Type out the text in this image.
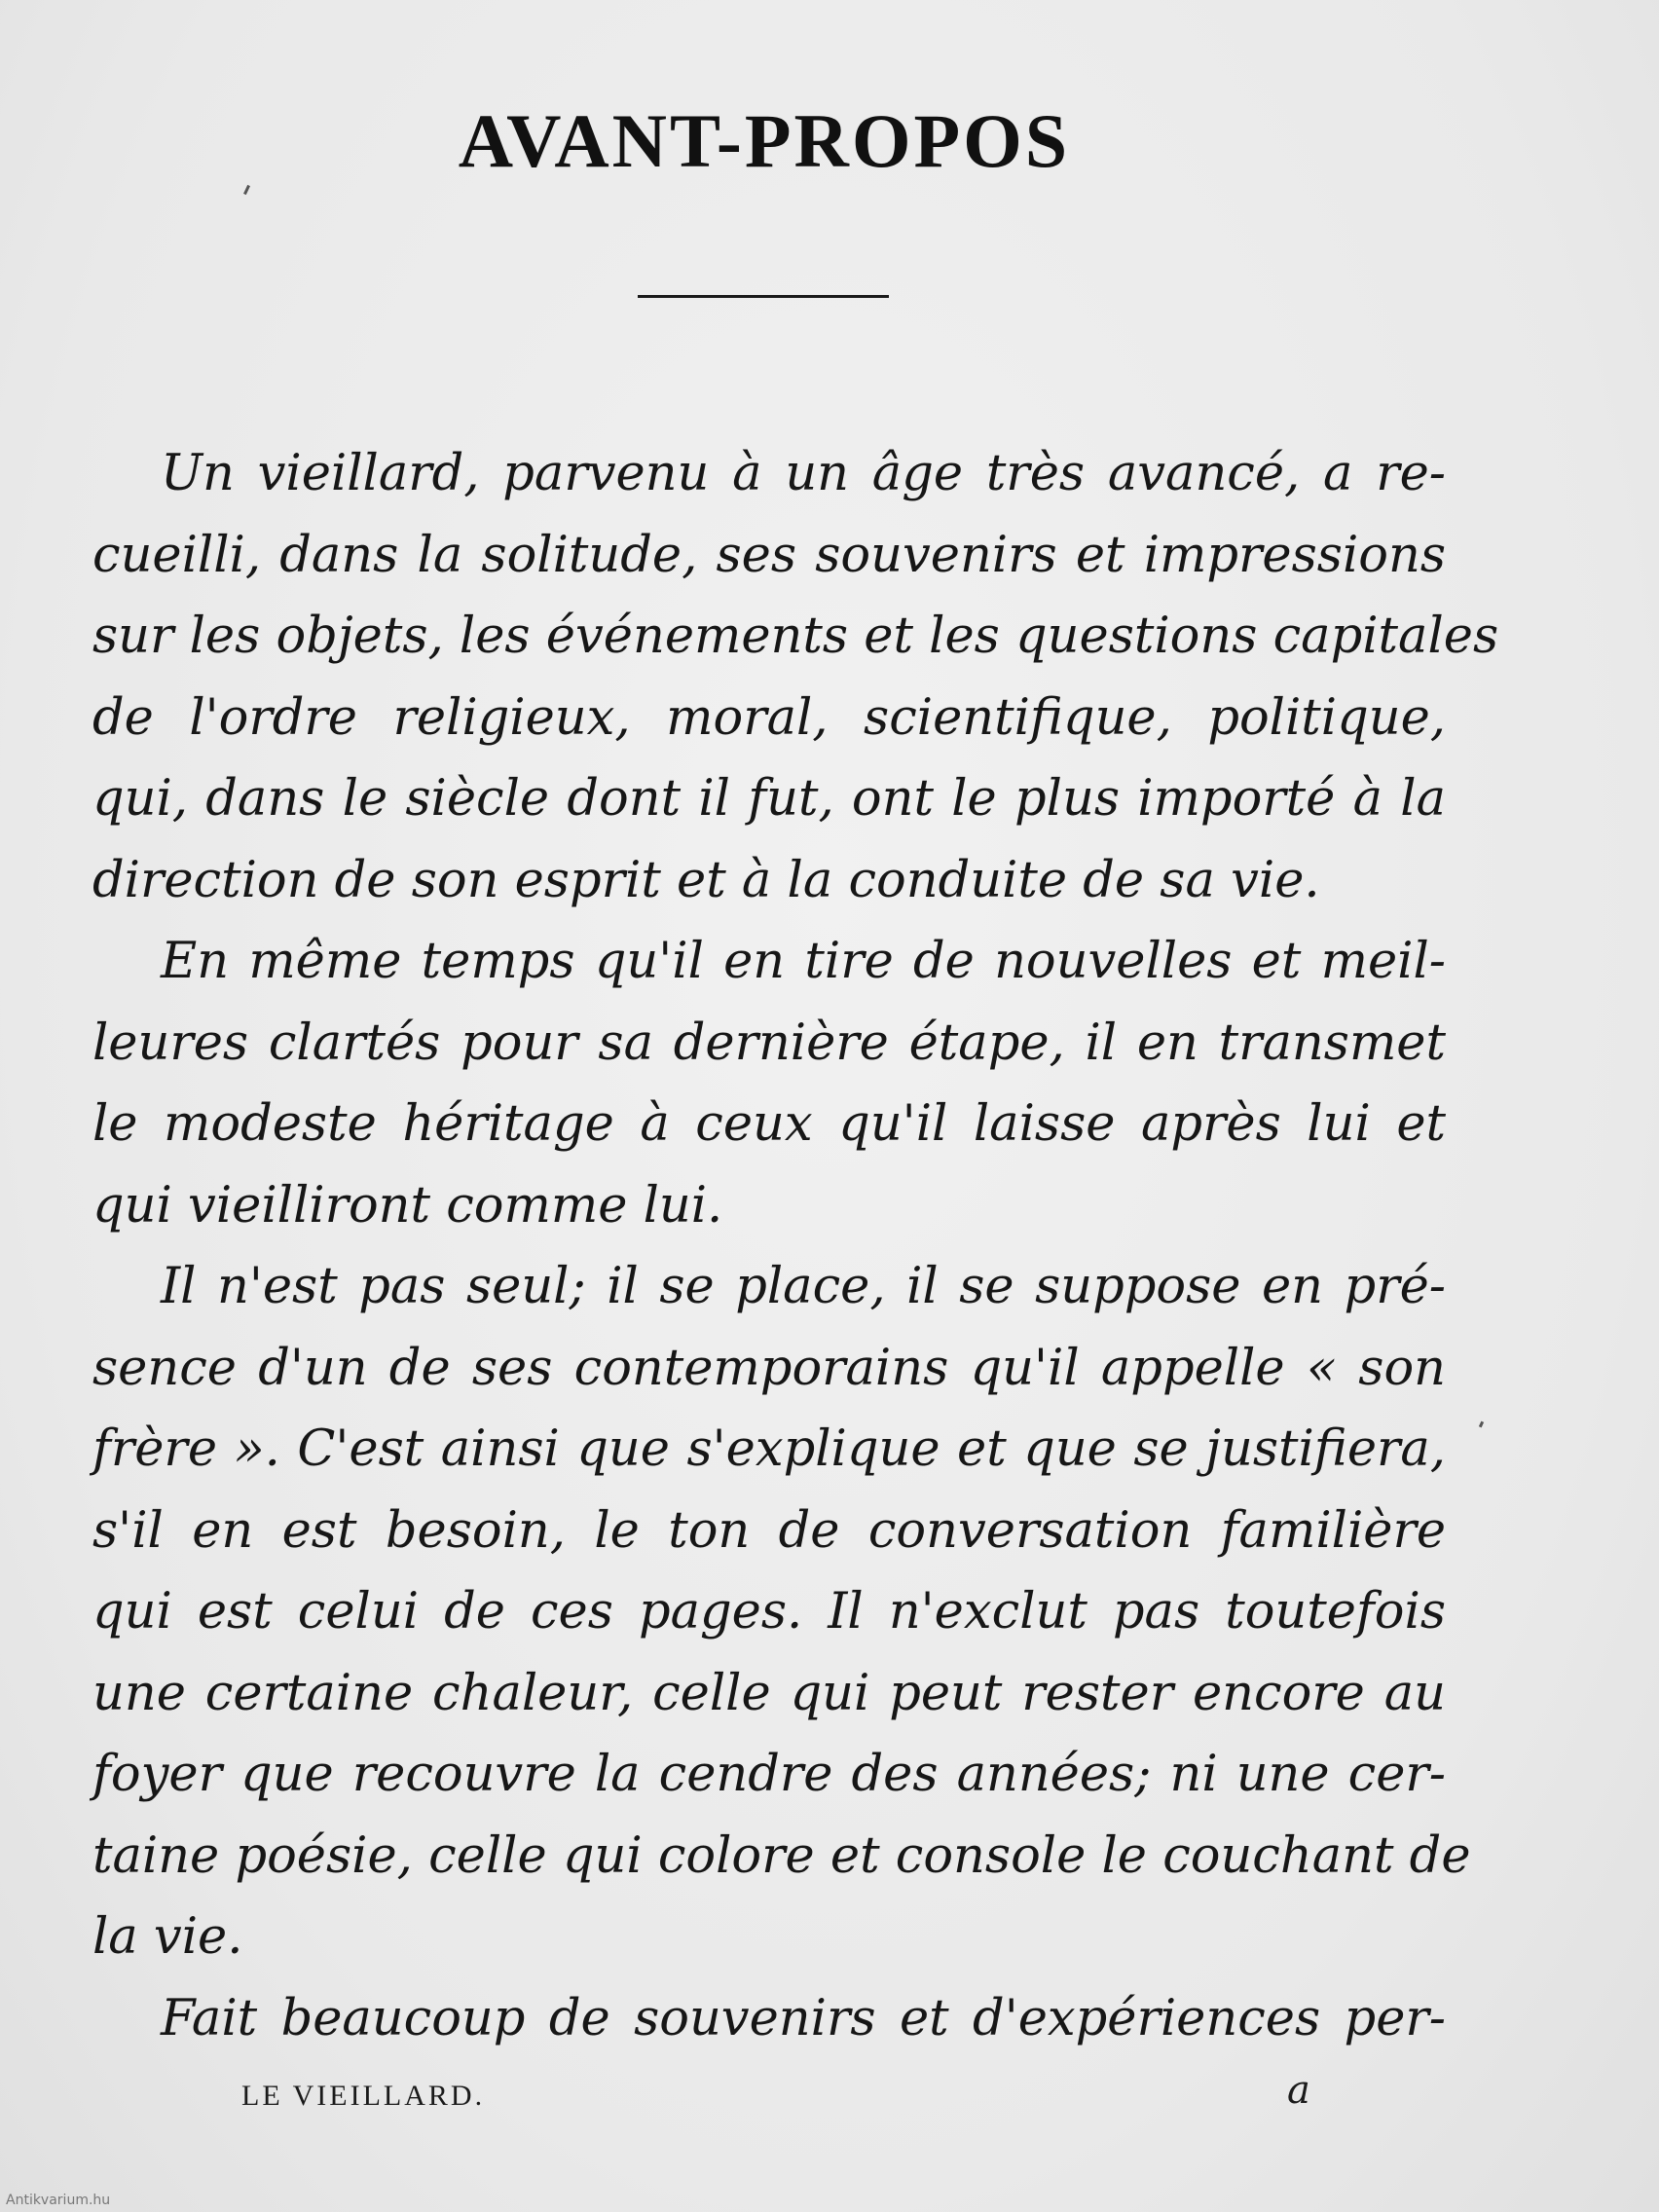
AVANT-PROPOS
Un vieillard, parvenu à un âge très avancé, a re-
cueilli, dans la solitude, ses souvenirs et impressions
sur les objets, les événements et les questions capitales
de l'ordre religieux, moral, scientifique, politique,
qui, dans le siècle dont il fut, ont le plus importé à la
direction de son esprit et à la conduite de sa vie.
En même temps qu'il en tire de nouvelles et meil-
leures clartés pour sa dernière étape, il en transmet
le modeste héritage à ceux qu'il laisse après lui et
qui vieilliront comme lui.
Il n'est pas seul; il se place, il se suppose en pré-
sence d'un de ses contemporains qu'il appelle « son
frère ». C'est ainsi que s'explique et que se justifiera,
s'il en est besoin, le ton de conversation familière
qui est celui de ces pages. Il n'exclut pas toutefois
une certaine chaleur, celle qui peut rester encore au
foyer que recouvre la cendre des années; ni une cer-
taine poésie, celle qui colore et console le couchant de
la vie.
Fait beaucoup de souvenirs et d'expériences per-
LE VIEILLARD.	a
Antikvarium.hu
